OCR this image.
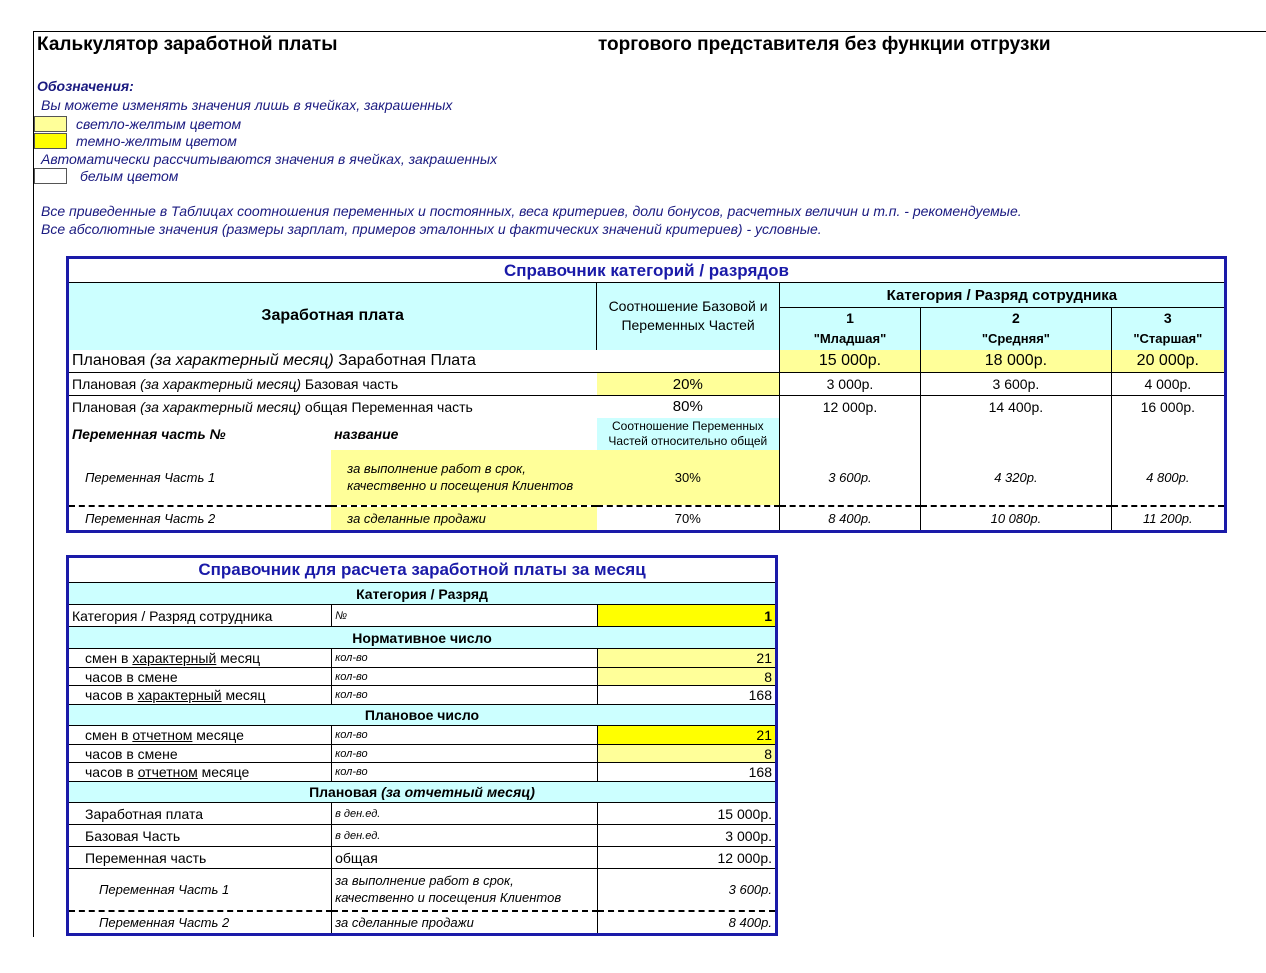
Калькулятор заработной платы	торгового представителя без функции отгрузки
Обозначения:
Вы можете изменять значения лишь в ячейках, закрашенных
светло-желтым цветом
темно-желтым цветом
Автоматически рассчитываются значения в ячейках, закрашенных
белым цветом
Все приведенные в Таблицах соотношения переменных и постоянных, веса критериев, доли бонусов, расчетных величин и т.п. - рекомендуемые.
Все абсолютные значения (размеры зарплат, примеров эталонных и фактических значений критериев) - условные.
Справочник категорий / разрядов					
Заработная плата		Соотношение Базовой и Переменных Частей	Категория / Разряд сотрудника		
			1	2	3
			"Младшая"	"Средняя"	"Старшая"
Плановая (за характерный месяц) Заработная Плата			15 000р.	18 000р.	20 000р.
Плановая (за характерный месяц) Базовая часть		20%	3 000р.	3 600р.	4 000р.
Плановая (за характерный месяц) общая Переменная часть		80%	12 000р.	14 400р.	16 000р.
Переменная часть №	название	Соотношение Переменных Частей относительно общей			
Переменная Часть 1	за выполнение работ в срок, качественно и посещения Клиентов	30%	3 600р.	4 320р.	4 800р.
Переменная Часть 2	за сделанные продажи	70%	8 400р.	10 080р.	11 200р.
Справочник для расчета заработной платы за месяц		
Категория / Разряд		
Категория / Разряд сотрудника	№	1
Нормативное число		
смен в характерный месяц	кол-во	21
часов в смене	кол-во	8
часов в характерный месяц	кол-во	168
Плановое число		
смен в отчетном месяце	кол-во	21
часов в смене	кол-во	8
часов в отчетном месяце	кол-во	168
Плановая (за отчетный месяц)		
Заработная плата	в ден.ед.	15 000р.
Базовая Часть	в ден.ед.	3 000р.
Переменная часть	общая	12 000р.
Переменная Часть 1	за выполнение работ в срок, качественно и посещения Клиентов	3 600р.
Переменная Часть 2	за сделанные продажи	8 400р.
